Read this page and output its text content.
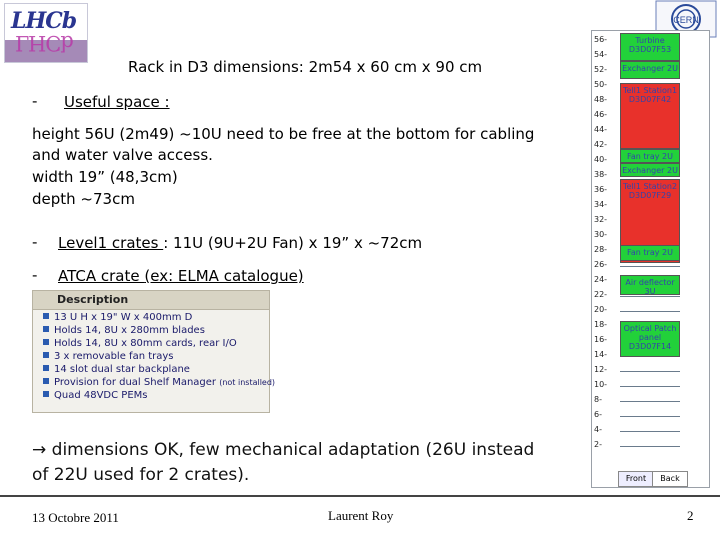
LHCb
LHCb
CERN
Rack in D3 dimensions: 2m54 x 60 cm x 90 cm
- Useful space :
height 56U (2m49) ~10U need to be free at the bottom for cabling
and water valve access.
width 19” (48,3cm)
depth ~73cm
- Level1 crates : 11U (9U+2U Fan) x 19” x ~72cm
- ATCA crate (ex: ELMA catalogue)
Description
13 U H x 19" W x 400mm D
Holds 14, 8U x 280mm blades
Holds 14, 8U x 80mm cards, rear I/O
3 x removable fan trays
14 slot dual star backplane
Provision for dual Shelf Manager (not installed)
Quad 48VDC PEMs
→ dimensions OK, few mechanical adaptation (26U instead
of 22U used for 2 crates).
56-
54-
52-
50-
48-
46-
44-
42-
40-
38-
36-
34-
32-
30-
28-
26-
24-
22-
20-
18-
16-
14-
12-
10-
8-
6-
4-
2-
Turbine
D3D07F53
Exchanger 2U
Tell1 Station1
D3D07F42
Fan tray 2U
Exchanger 2U
Tell1 Station2
D3D07F29
Fan tray 2U
Air deflector 3U
Optical Patch
panel
D3D07F14
Front	Back
13 Octobre 2011	Laurent Roy	2
